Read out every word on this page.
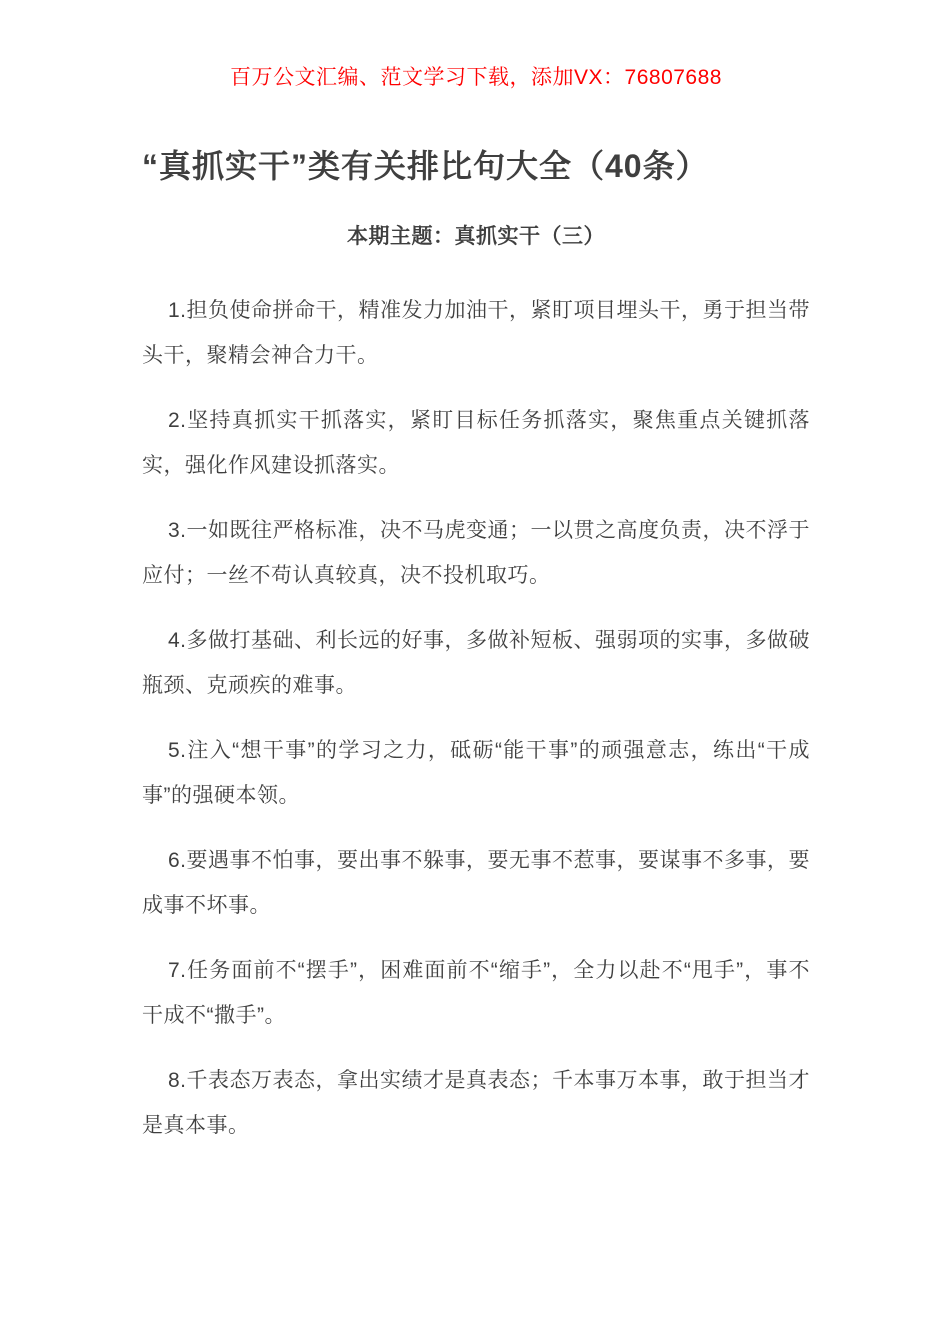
百万公文汇编、范文学习下载，添加VX：76807688
“真抓实干”类有关排比句大全（40条）
本期主题：真抓实干（三）

1.担负使命拼命干，精准发力加油干，紧盯项目埋头干，勇于担当带头干，聚精会神合力干。

2.坚持真抓实干抓落实，紧盯目标任务抓落实，聚焦重点关键抓落实，强化作风建设抓落实。

3.一如既往严格标准，决不马虎变通；一以贯之高度负责，决不浮于应付；一丝不苟认真较真，决不投机取巧。

4.多做打基础、利长远的好事，多做补短板、强弱项的实事，多做破瓶颈、克顽疾的难事。

5.注入“想干事”的学习之力，砥砺“能干事”的顽强意志，练出“干成事”的强硬本领。

6.要遇事不怕事，要出事不躲事，要无事不惹事，要谋事不多事，要成事不坏事。

7.任务面前不“摆手”，困难面前不“缩手”，全力以赴不“甩手”，事不干成不“撒手”。

8.千表态万表态，拿出实绩才是真表态；千本事万本事，敢于担当才是真本事。
